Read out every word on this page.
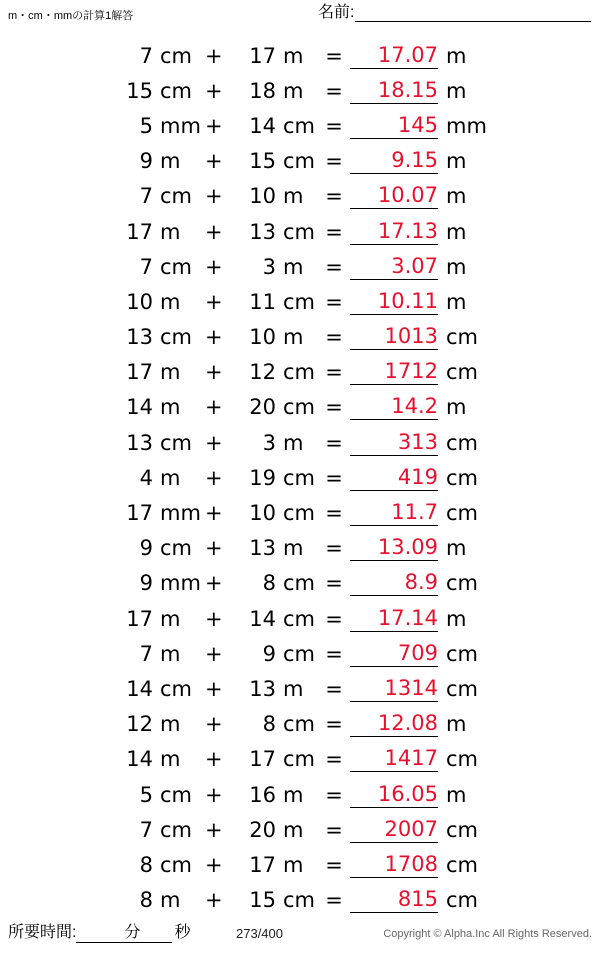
m・cm・mmの計算1解答	名前:
7 cm +	17 m	=	17.07 m
15 cm +	18 m	=	18.15 m
5 mm +	14 cm =	145 mm
9 m	+	15 cm =	9.15 m
7 cm +	10 m	=	10.07 m
17 m	+	13 cm =	17.13 m
7 cm +	3 m	=	3.07 m
10 m	+	11 cm =	10.11 m
13 cm +	10 m	=	1013 cm
17 m	+	12 cm =	1712 cm
14 m	+	20 cm =	14.2 m
13 cm +	3 m	=	313 cm
4 m	+	19 cm =	419 cm
17 mm +	10 cm =	11.7 cm
9 cm +	13 m	=	13.09 m
9 mm +	8 cm =	8.9 cm
17 m	+	14 cm =	17.14 m
7 m	+	9 cm =	709 cm
14 cm +	13 m	=	1314 cm
12 m	+	8 cm =	12.08 m
14 m	+	17 cm =	1417 cm
5 cm +	16 m	=	16.05 m
7 cm +	20 m	=	2007 cm
8 cm +	17 m	=	1708 cm
8 m	+	15 cm =	815 cm
所要時間:	分 秒	273/400	Copyright © Alpha.Inc All Rights Reserved.
